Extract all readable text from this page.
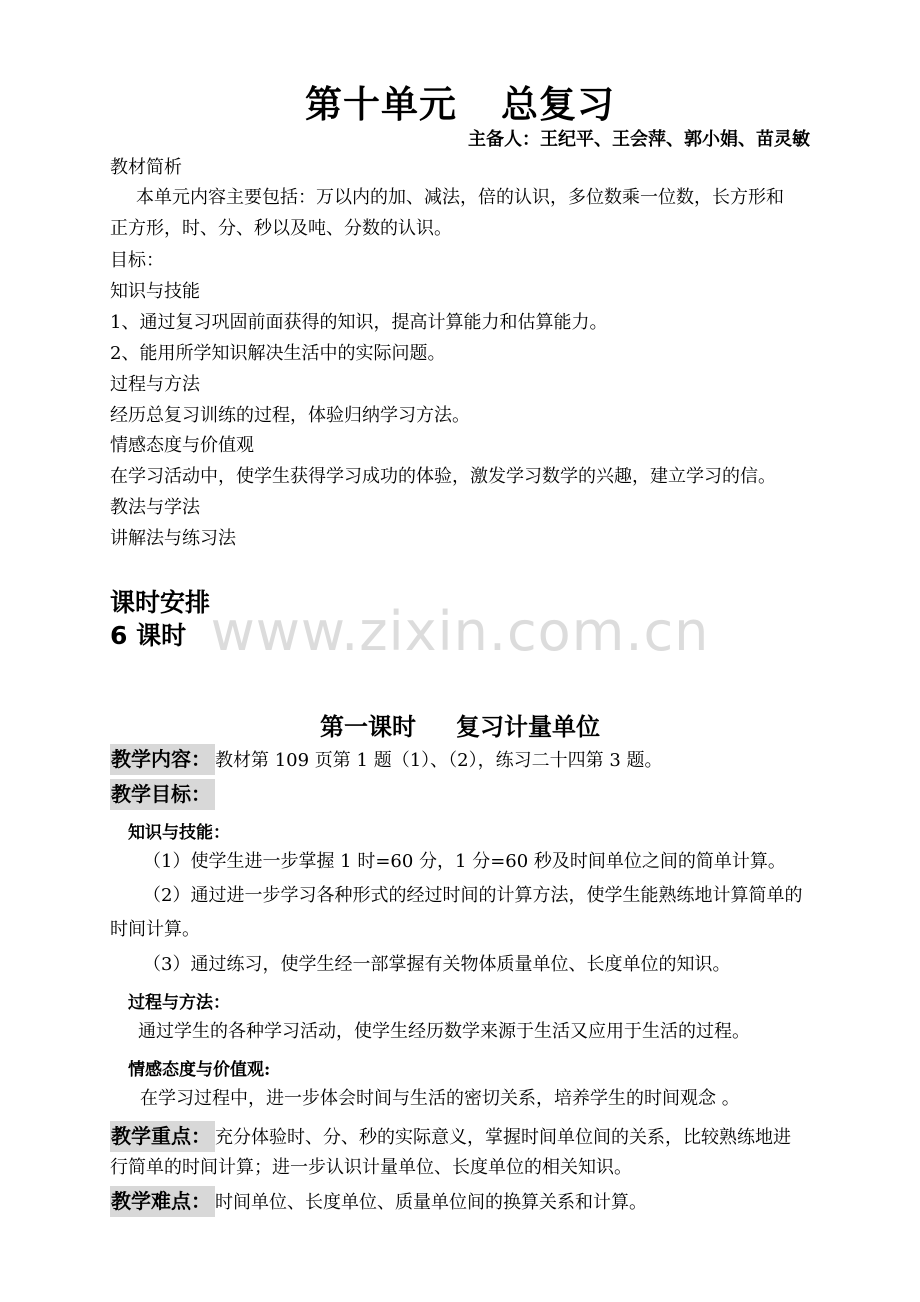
www.zixin.com.cn
第十单元 总复习
主备人：王纪平、王会萍、郭小娟、苗灵敏
教材简析
本单元内容主要包括：万以内的加、减法，倍的认识，多位数乘一位数，长方形和
正方形，时、分、秒以及吨、分数的认识。
目标：
知识与技能
1、通过复习巩固前面获得的知识，提高计算能力和估算能力。
2、能用所学知识解决生活中的实际问题。
过程与方法
经历总复习训练的过程，体验归纳学习方法。
情感态度与价值观
在学习活动中，使学生获得学习成功的体验，激发学习数学的兴趣，建立学习的信。
教法与学法
讲解法与练习法
课时安排
6 课时
第一课时 复习计量单位
教学内容： 教材第 109 页第 1 题（1）、（2），练习二十四第 3 题。
教学目标：
知识与技能：
（1）使学生进一步掌握 1 时=60 分，1 分=60 秒及时间单位之间的简单计算。
（2）通过进一步学习各种形式的经过时间的计算方法，使学生能熟练地计算简单的
时间计算。
（3）通过练习，使学生经一部掌握有关物体质量单位、长度单位的知识。
过程与方法：
通过学生的各种学习活动，使学生经历数学来源于生活又应用于生活的过程。
情感态度与价值观:
在学习过程中，进一步体会时间与生活的密切关系，培养学生的时间观念 。
教学重点： 充分体验时、分、秒的实际意义，掌握时间单位间的关系，比较熟练地进
行简单的时间计算；进一步认识计量单位、长度单位的相关知识。
教学难点： 时间单位、长度单位、质量单位间的换算关系和计算。
